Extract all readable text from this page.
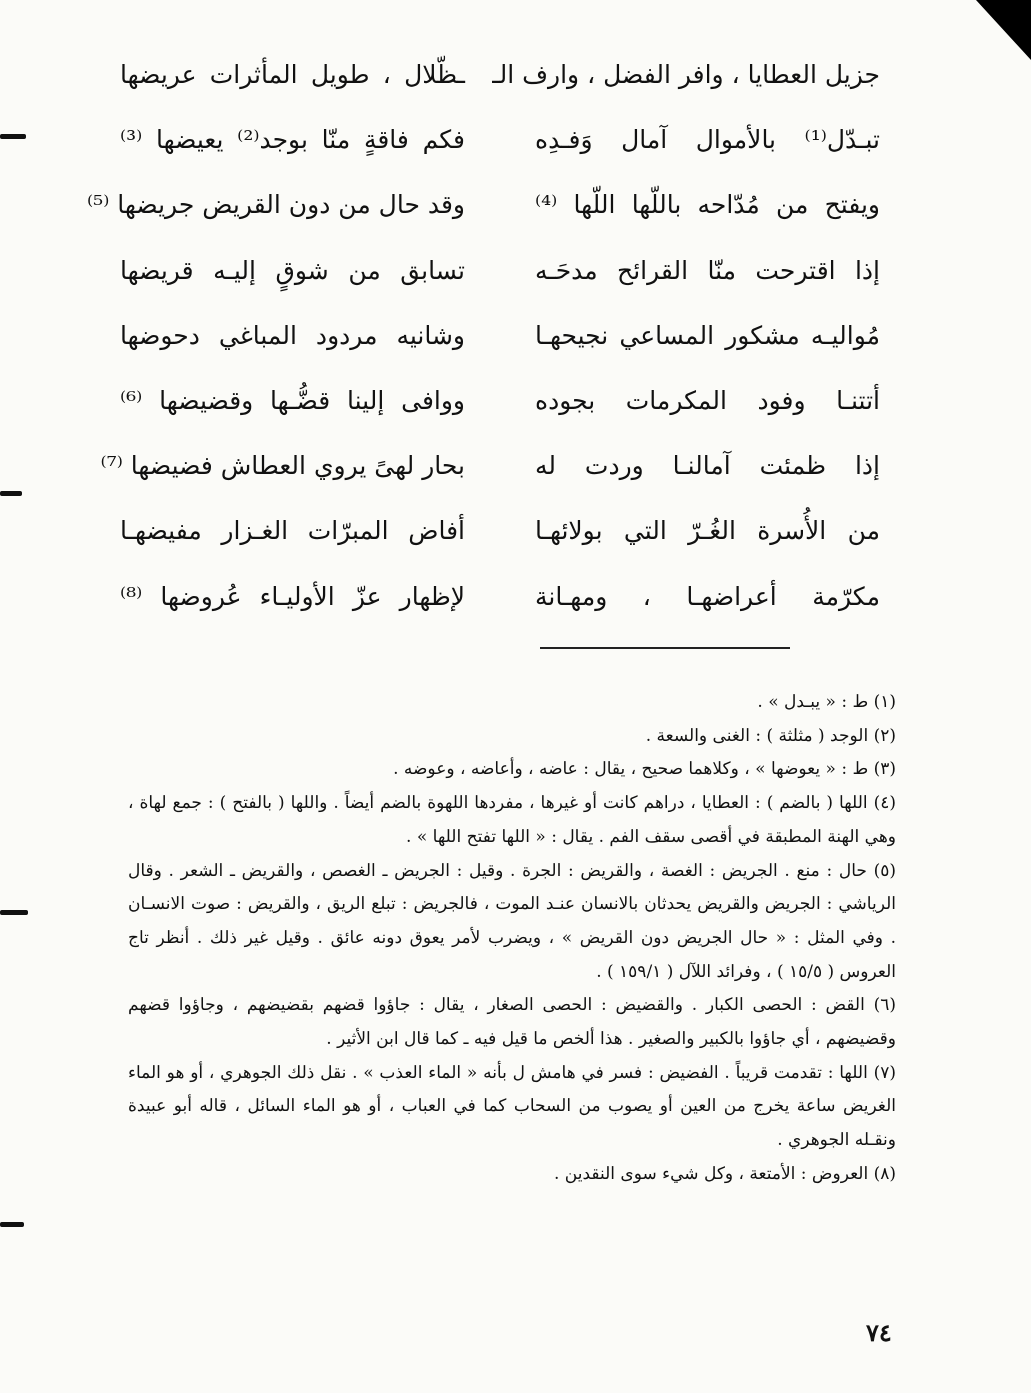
جزيل العطايا ، وافر الفضل ، وارف الـ
ـظّلال ، طويل المأثرات عريضها
تبـدّل⁽¹⁾ بالأموال آمال وَفـدِه
فكم فاقةٍ منّا بوجد⁽²⁾ يعيضها ⁽³⁾
ويفتح من مُدّاحه باللّها اللّها ⁽⁴⁾
وقد حال من دون القريض جريضها ⁽⁵⁾
إذا اقترحت منّا القرائح مدحَـه
تسابق من شوقٍ إليـه قريضها
مُواليـه مشكور المساعي نجيحهـا
وشانيه مردود المباغي دحوضها
أتتنـا وفود المكرمات بجوده
ووافى إلينا قضُّـها وقضيضها ⁽⁶⁾
إذا ظمئت آمالنـا وردت له
بحار لهىً يروي العطاش فضيضها ⁽⁷⁾
من الأُسرة الغُـرّ التي بولائهـا
أفاض المبرّات الغـزار مفيضهـا
مكرّمة أعراضهـا ، ومهـانة
لإظهار عزّ الأوليـاء عُروضها ⁽⁸⁾

(١) ط : « يبـدل » .

(٢) الوجد ( مثلثة ) : الغنى والسعة .

(٣) ط : « يعوضها » ، وكلاهما صحيح ، يقال : عاضه ، وأعاضه ، وعوضه .

(٤) اللها ( بالضم ) : العطايا ، دراهم كانت أو غيرها ، مفردها اللهوة بالضم أيضاً . واللها ( بالفتح ) : جمع لهاة ، وهي الهنة المطبقة في أقصى سقف الفم . يقال : « اللها تفتح اللها » .

(٥) حال : منع . الجريض : الغصة ، والقريض : الجرة . وقيل : الجريض ـ الغصص ، والقريض ـ الشعر . وقال الرياشي : الجريض والقريض يحدثان بالانسان عنـد الموت ، فالجريض : تبلع الريق ، والقريض : صوت الانسـان . وفي المثل : « حال الجريض دون القريض » ، ويضرب لأمر يعوق دونه عائق . وقيل غير ذلك . أنظر تاج العروس ( ١٥/٥ ) ، وفرائد اللآل ( ١٥٩/١ ) .

(٦) القض : الحصى الكبار . والقضيض : الحصى الصغار ، يقال : جاؤوا قضهم بقضيضهم ، وجاؤوا قضهم وقضيضهم ، أي جاؤوا بالكبير والصغير . هذا ألخص ما قيل فيه ـ كما قال ابن الأثير .

(٧) اللها : تقدمت قريباً . الفضيض : فسر في هامش ل بأنه « الماء العذب » . نقل ذلك الجوهري ، أو هو الماء الغريض ساعة يخرج من العين أو يصوب من السحاب كما في العباب ، أو هو الماء السائل ، قاله أبو عبيدة ونقـله الجوهري .

(٨) العروض : الأمتعة ، وكل شيء سوى النقدين .

٧٤
